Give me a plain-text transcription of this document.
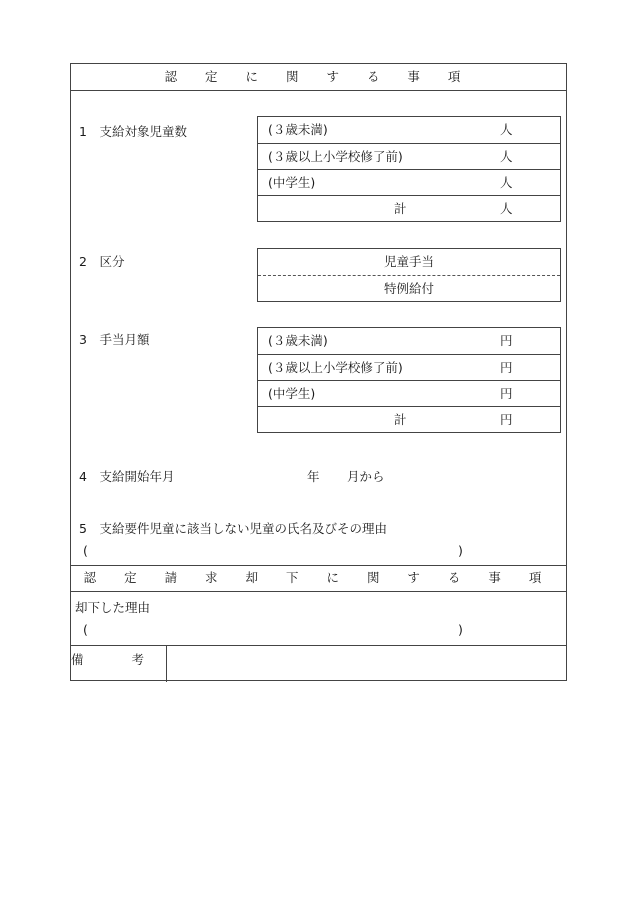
認 定 に 関 す る 事 項
1　支給対象児童数	(３歳未満)	人
(３歳以上小学校修了前)	人
(中学生)	人
計	人
2　区分	児童手当
特例給付
3　手当月額	(３歳未満)	円
(３歳以上小学校修了前)	円
(中学生)	円
計	円
4　支給開始年月	年 月から
5　支給要件児童に該当しない児童の氏名及びその理由
(	)
認 定 請 求 却 下 に 関 す る 事 項
却下した理由
(	)
備 考
